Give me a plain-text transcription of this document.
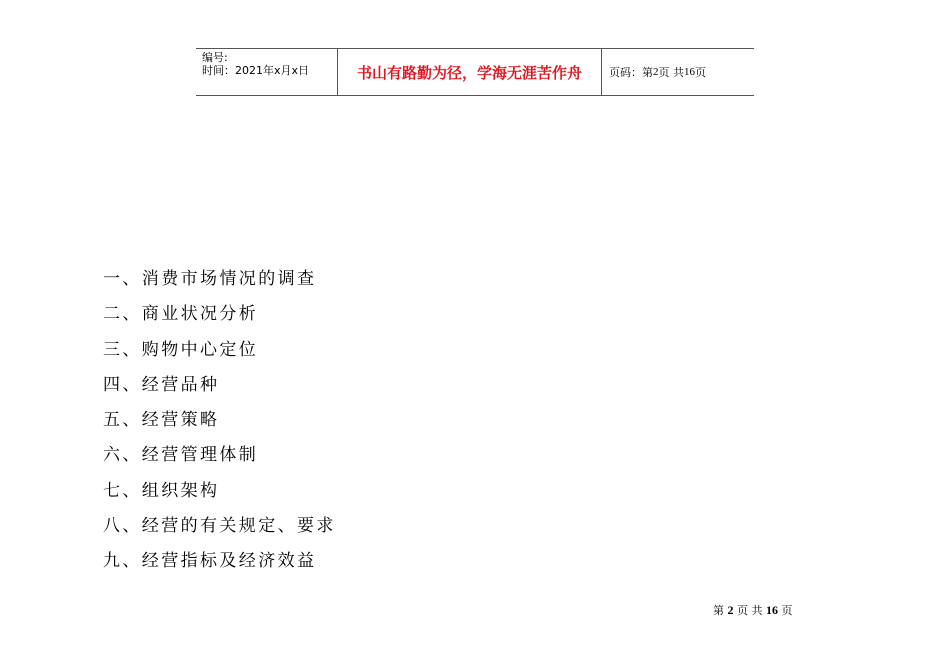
编号:
时间：2021年x月x日	书山有路勤为径，学海无涯苦作舟	页码：第 2 页 共 16 页
一、消费市场情况的调查
二、商业状况分析
三、购物中心定位
四、经营品种
五、经营策略
六、经营管理体制
七、组织架构
八、经营的有关规定、要求
九、经营指标及经济效益
第 2 页 共 16 页
